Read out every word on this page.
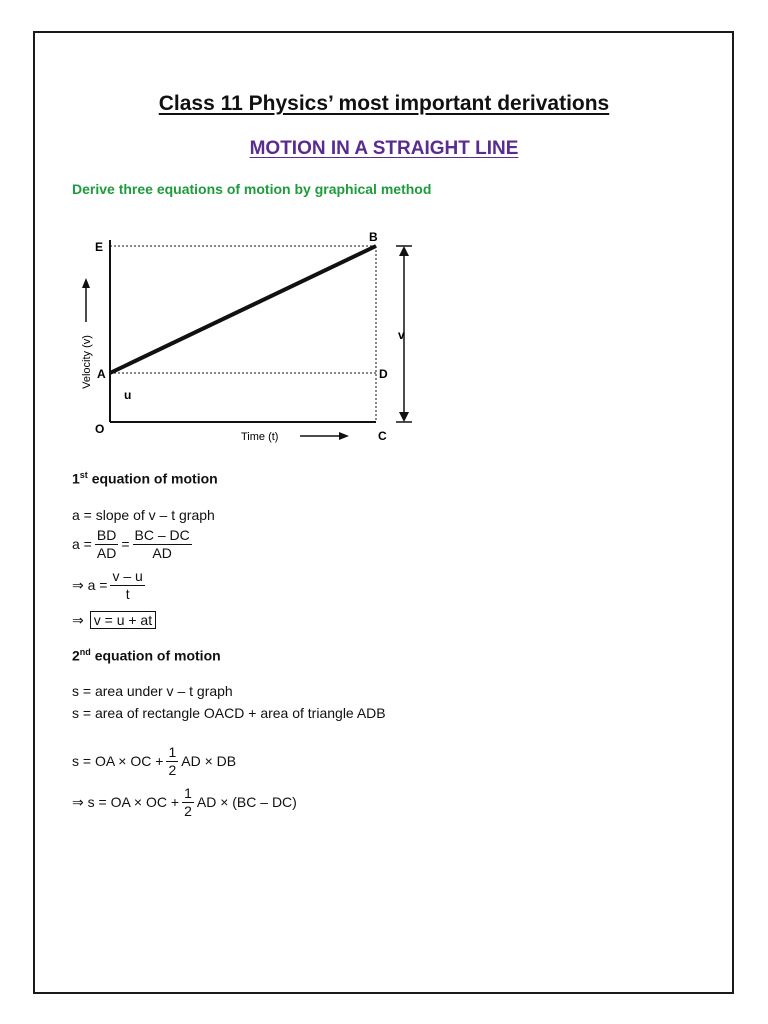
Class 11 Physics’ most important derivations
MOTION IN A STRAIGHT LINE
Derive three equations of motion by graphical method
E
A
O
B
D
C
u
v
Time (t)
Velocity (v)
1st equation of motion
a = slope of v – t graph
$a = \frac{BD}{AD} = \frac{BC - DC}{AD}$
⇒ $a = \frac{v - u}{t}$
⇒ v = u + at
2nd equation of motion
s = area under v – t graph
s = area of rectangle OACD + area of triangle ADB
s = OA × OC + $\frac{1}{2}$ AD × DB
⇒ s = OA × OC + $\frac{1}{2}$ AD × (BC – DC)
